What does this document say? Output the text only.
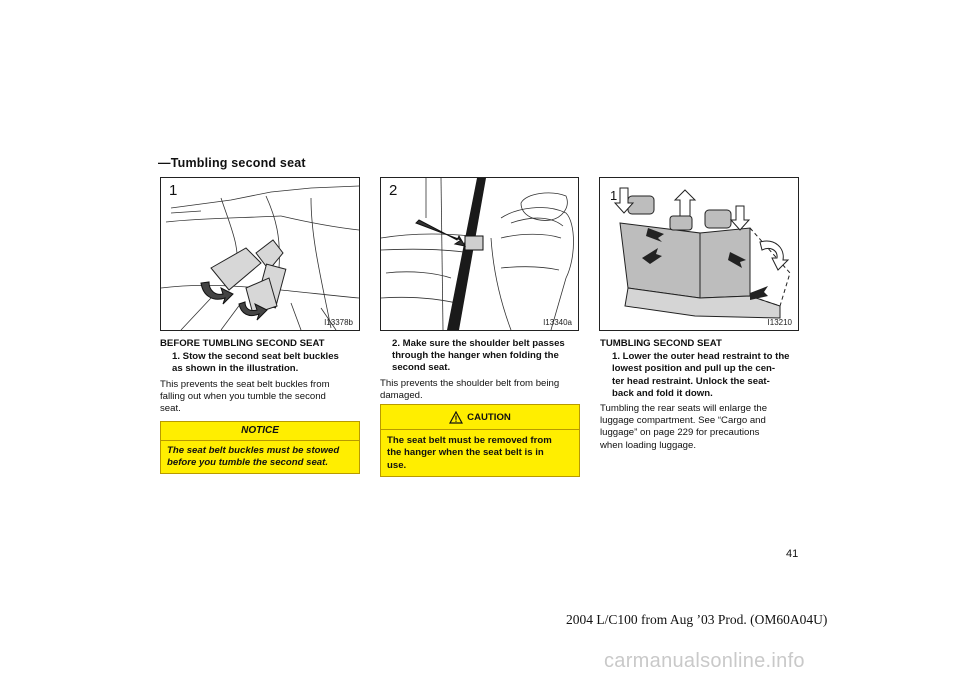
—Tumbling second seat
1
I13378b
2
I13340a
1
I13210
BEFORE TUMBLING SECOND SEAT
1. Stow the second seat belt buckles
as shown in the illustration.
This prevents the seat belt buckles from
falling out when you tumble the second
seat.
NOTICE
The seat belt buckles must be stowed
before you tumble the second seat.
2. Make sure the shoulder belt passes
through the hanger when folding the
second seat.
This prevents the shoulder belt from being
damaged.
CAUTION
The seat belt must be removed from
the hanger when the seat belt is in
use.
TUMBLING SECOND SEAT
1. Lower the outer head restraint to the
lowest position and pull up the cen-
ter head restraint. Unlock the seat-
back and fold it down.
Tumbling the rear seats will enlarge the
luggage compartment. See “Cargo and
luggage” on page 229 for precautions
when loading luggage.
41
2004 L/C100 from Aug ’03 Prod. (OM60A04U)
carmanualsonline.info
